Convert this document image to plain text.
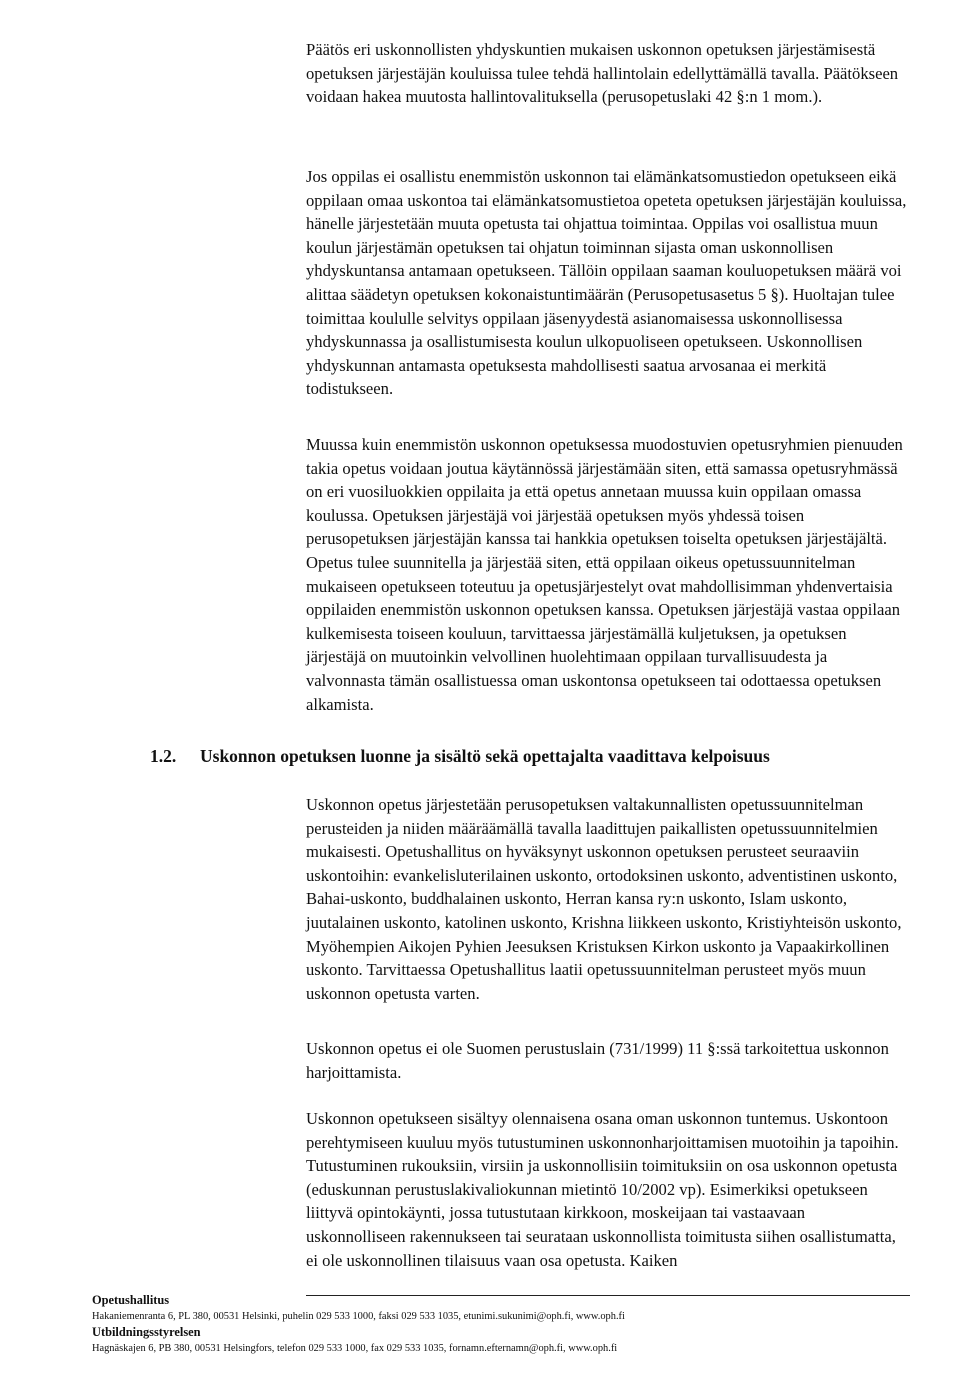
Päätös eri uskonnollisten yhdyskuntien mukaisen uskonnon opetuksen järjestämisestä opetuksen järjestäjän kouluissa tulee tehdä hallintolain edellyttämällä tavalla. Päätökseen voidaan hakea muutosta hallintovalituksella (perusopetuslaki 42 §:n 1 mom.).

Jos oppilas ei osallistu enemmistön uskonnon tai elämänkatsomustiedon opetukseen eikä oppilaan omaa uskontoa tai elämänkatsomustietoa opeteta opetuksen järjestäjän kouluissa, hänelle järjestetään muuta opetusta tai ohjattua toimintaa. Oppilas voi osallistua muun koulun järjestämän opetuksen tai ohjatun toiminnan sijasta oman uskonnollisen yhdyskuntansa antamaan opetukseen. Tällöin oppilaan saaman kouluopetuksen määrä voi alittaa säädetyn opetuksen kokonaistuntimäärän (Perusopetusasetus 5 §). Huoltajan tulee toimittaa koululle selvitys oppilaan jäsenyydestä asianomaisessa uskonnollisessa yhdyskunnassa ja osallistumisesta koulun ulkopuoliseen opetukseen. Uskonnollisen yhdyskunnan antamasta opetuksesta mahdollisesti saatua arvosanaa ei merkitä todistukseen.

Muussa kuin enemmistön uskonnon opetuksessa muodostuvien opetusryhmien pienuuden takia opetus voidaan joutua käytännössä järjestämään siten, että samassa opetusryhmässä on eri vuosiluokkien oppilaita ja että opetus annetaan muussa kuin oppilaan omassa koulussa. Opetuksen järjestäjä voi järjestää opetuksen myös yhdessä toisen perusopetuksen järjestäjän kanssa tai hankkia opetuksen toiselta opetuksen järjestäjältä. Opetus tulee suunnitella ja järjestää siten, että oppilaan oikeus opetussuunnitelman mukaiseen opetukseen toteutuu ja opetusjärjestelyt ovat mahdollisimman yhdenvertaisia oppilaiden enemmistön uskonnon opetuksen kanssa. Opetuksen järjestäjä vastaa oppilaan kulkemisesta toiseen kouluun, tarvittaessa järjestämällä kuljetuksen, ja opetuksen järjestäjä on muutoinkin velvollinen huolehtimaan oppilaan turvallisuudesta ja valvonnasta tämän osallistuessa oman uskontonsa opetukseen tai odottaessa opetuksen alkamista.

1.2. Uskonnon opetuksen luonne ja sisältö sekä opettajalta vaadittava kelpoisuus

Uskonnon opetus järjestetään perusopetuksen valtakunnallisten opetussuunnitelman perusteiden ja niiden määräämällä tavalla laadittujen paikallisten opetussuunnitelmien mukaisesti. Opetushallitus on hyväksynyt uskonnon opetuksen perusteet seuraaviin uskontoihin: evankelisluterilainen uskonto, ortodoksinen uskonto, adventistinen uskonto, Bahai-uskonto, buddhalainen uskonto, Herran kansa ry:n uskonto, Islam uskonto, juutalainen uskonto, katolinen uskonto, Krishna liikkeen uskonto, Kristiyhteisön uskonto, Myöhempien Aikojen Pyhien Jeesuksen Kristuksen Kirkon uskonto ja Vapaakirkollinen uskonto. Tarvittaessa Opetushallitus laatii opetussuunnitelman perusteet myös muun uskonnon opetusta varten.

Uskonnon opetus ei ole Suomen perustuslain (731/1999) 11 §:ssä tarkoitettua uskonnon harjoittamista.

Uskonnon opetukseen sisältyy olennaisena osana oman uskonnon tuntemus. Uskontoon perehtymiseen kuuluu myös tutustuminen uskonnonharjoittamisen muotoihin ja tapoihin. Tutustuminen rukouksiin, virsiin ja uskonnollisiin toimituksiin on osa uskonnon opetusta (eduskunnan perustuslakivaliokunnan mietintö 10/2002 vp). Esimerkiksi opetukseen liittyvä opintokäynti, jossa tutustutaan kirkkoon, moskeijaan tai vastaavaan uskonnolliseen rakennukseen tai seurataan uskonnollista toimitusta siihen osallistumatta, ei ole uskonnollinen tilaisuus vaan osa opetusta. Kaiken

Opetushallitus
Hakaniemenranta 6, PL 380, 00531 Helsinki, puhelin 029 533 1000, faksi 029 533 1035, etunimi.sukunimi@oph.fi, www.oph.fi
Utbildningsstyrelsen
Hagnäskajen 6, PB 380, 00531 Helsingfors, telefon 029 533 1000, fax 029 533 1035, fornamn.efternamn@oph.fi, www.oph.fi
